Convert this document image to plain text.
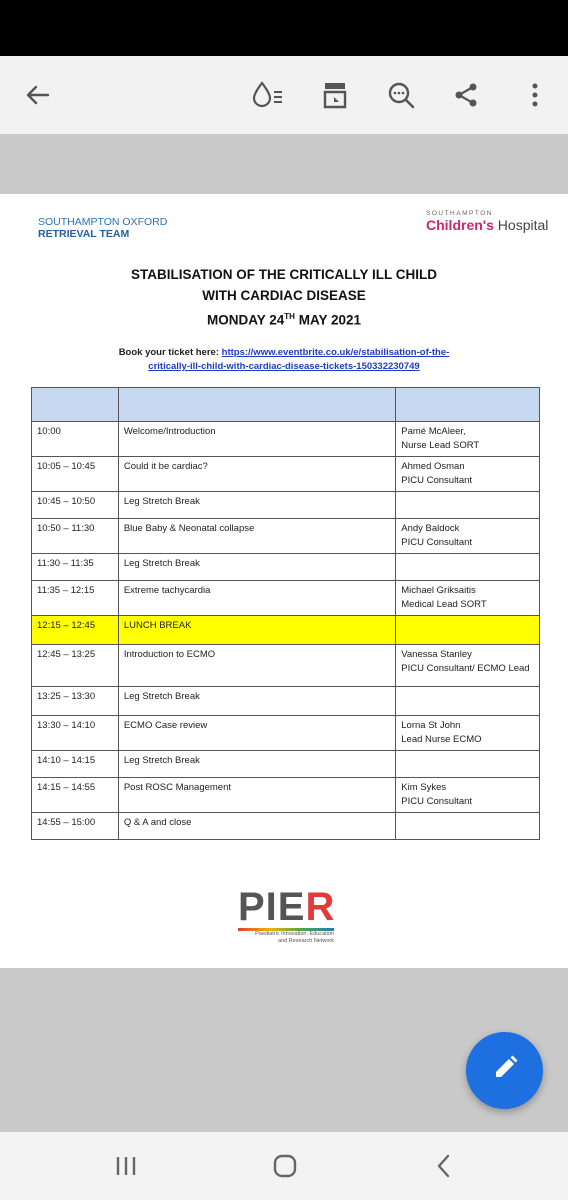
SOUTHAMPTON OXFORD
RETRIEVAL TEAM
SOUTHAMPTON
Children's Hospital
STABILISATION OF THE CRITICALLY ILL CHILD
WITH CARDIAC DISEASE
MONDAY 24TH MAY 2021
Book your ticket here: https://www.eventbrite.co.uk/e/stabilisation-of-the-
critically-ill-child-with-cardiac-disease-tickets-150332230749

10:00	Welcome/Introduction	Pamé McAleer,
Nurse Lead SORT

10:05 – 10:45	Could it be cardiac?	Ahmed Osman
PICU Consultant

10:45 – 10:50	Leg Stretch Break	

10:50 – 11:30	Blue Baby & Neonatal collapse	Andy Baldock
PICU Consultant

11:30 – 11:35	Leg Stretch Break	

11:35 – 12:15	Extreme tachycardia	Michael Griksaitis
Medical Lead SORT

12:15 – 12:45	LUNCH BREAK	

12:45 – 13:25	Introduction to ECMO	Vanessa Stanley
PICU Consultant/ ECMO Lead

13:25 – 13:30	Leg Stretch Break	

13:30 – 14:10	ECMO Case review	Lorna St John
Lead Nurse ECMO

14:10 – 14:15	Leg Stretch Break	

14:15 – 14:55	Post ROSC Management	Kim Sykes
PICU Consultant

14:55 – 15:00	Q & A and close	
PIER
Paediatric Innovation, Education
and Research Network
